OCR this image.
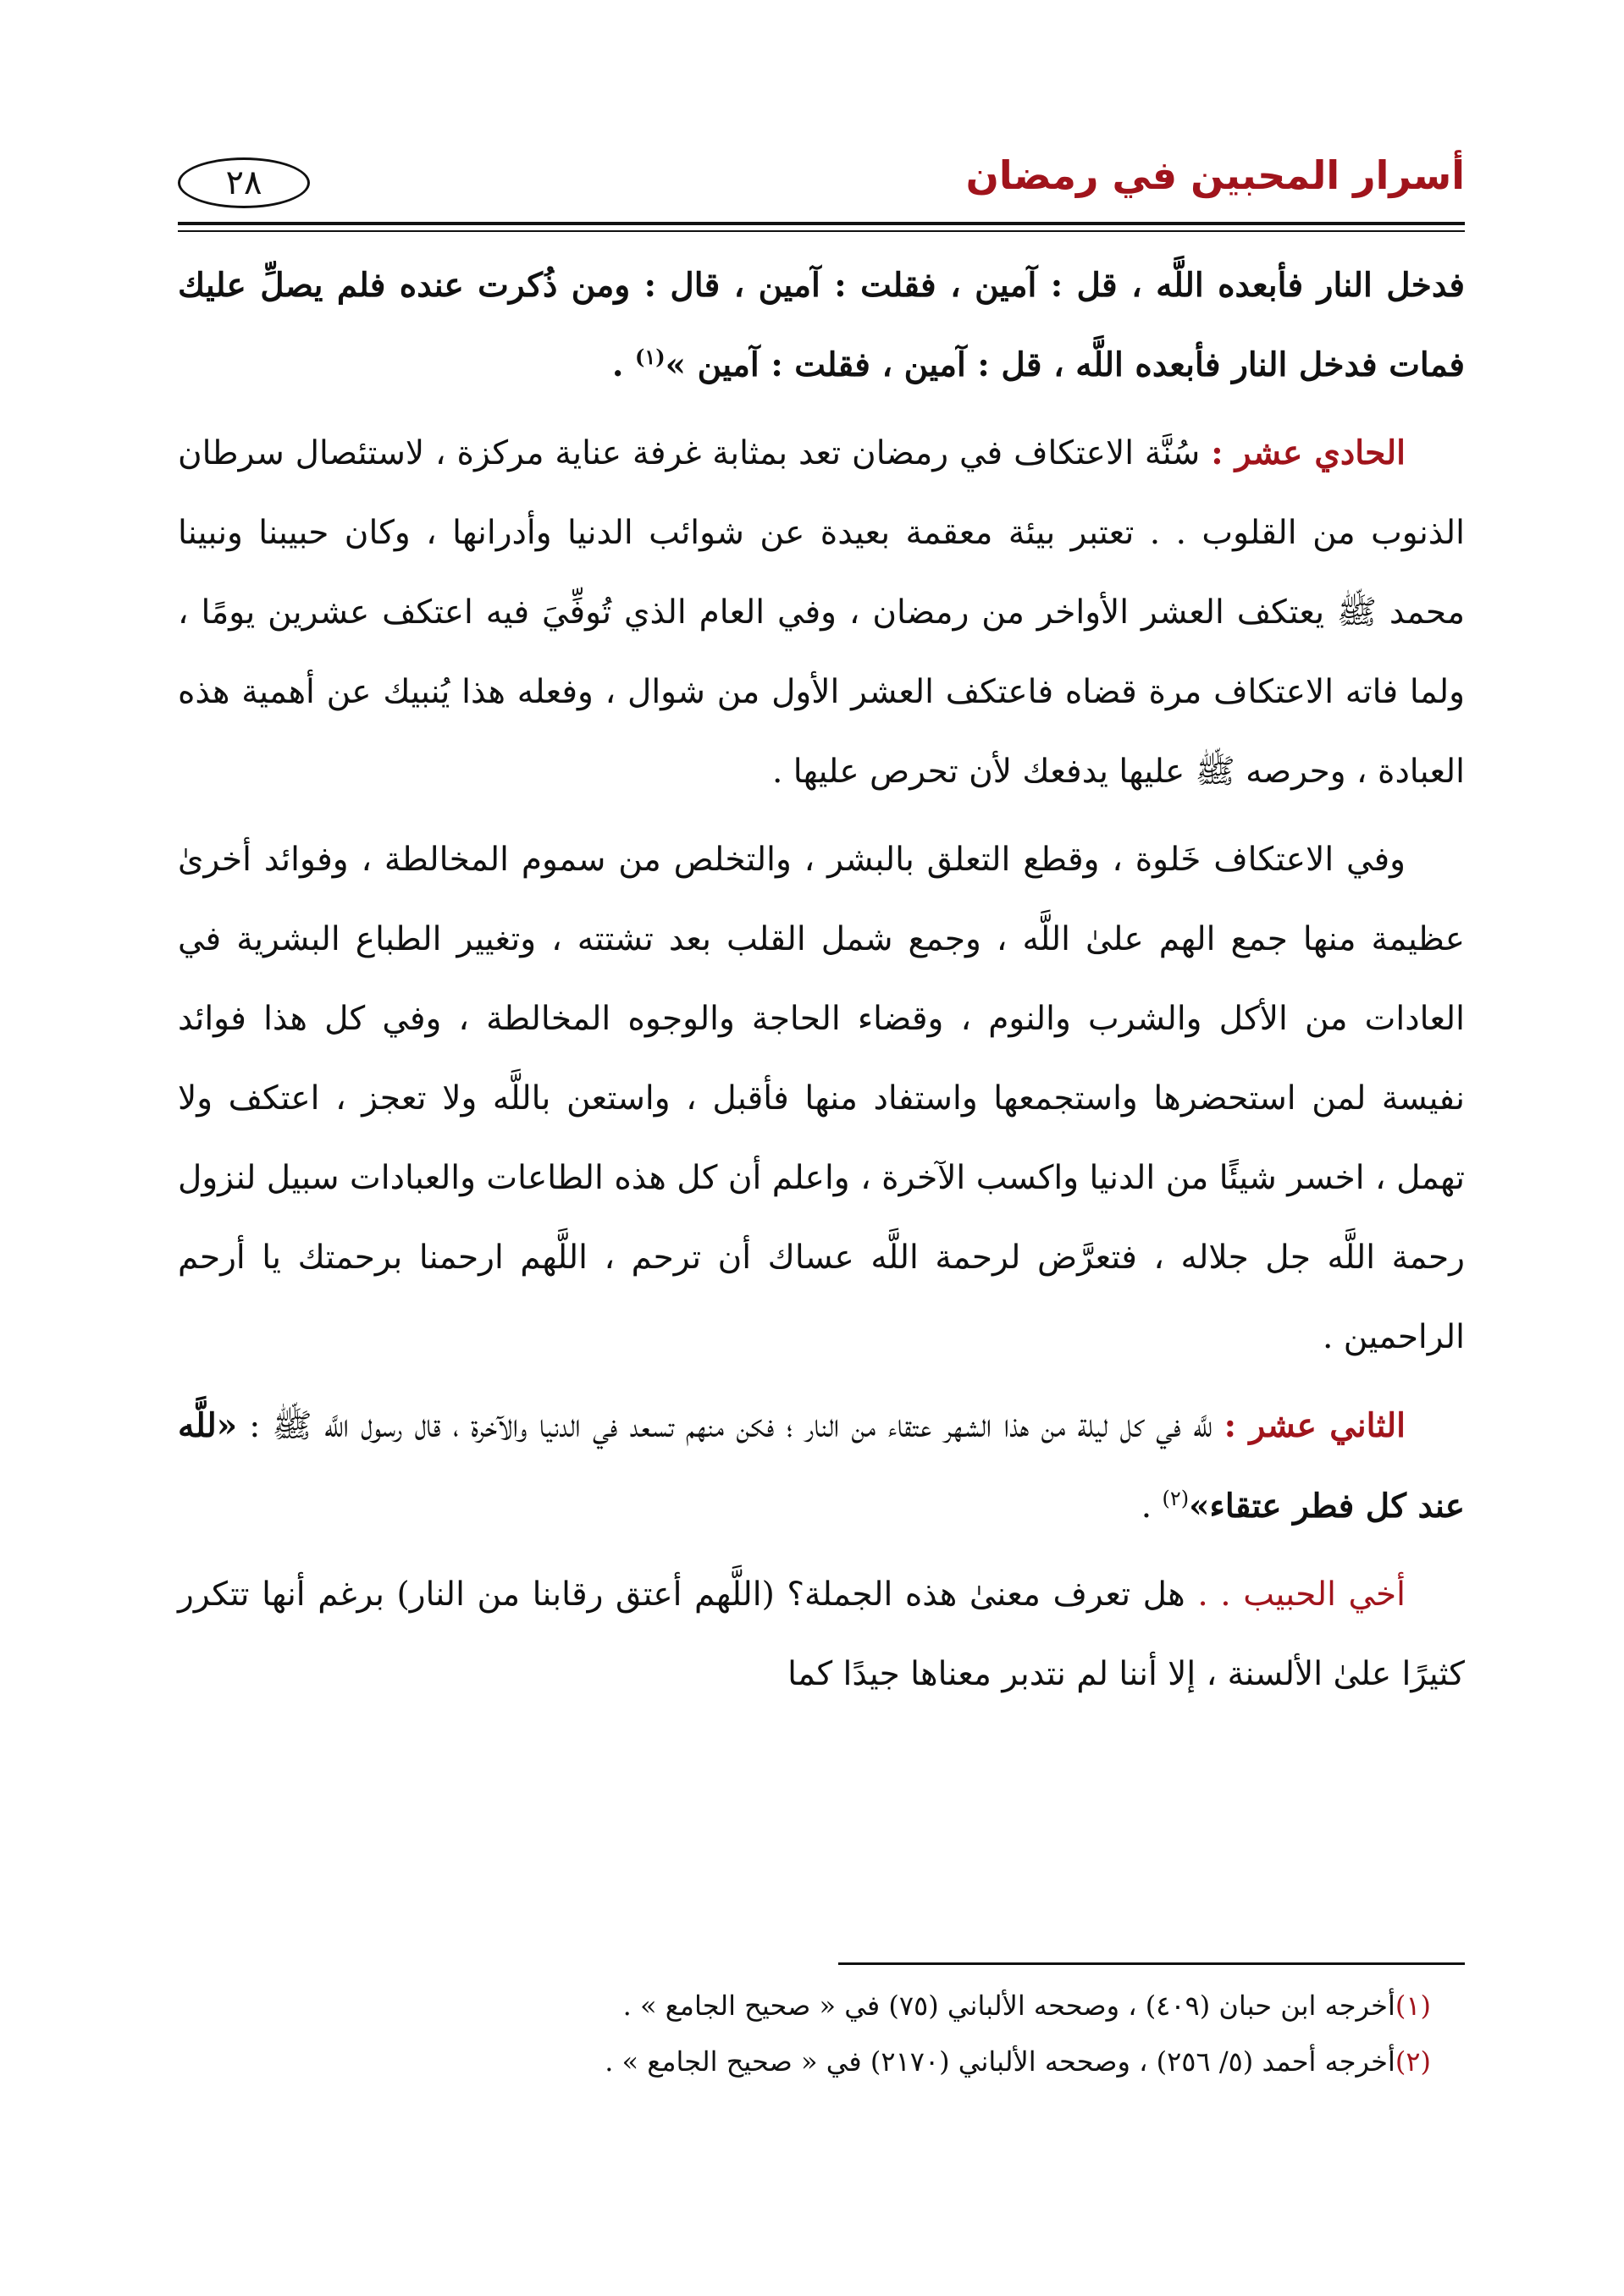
أسرار المحبين في رمضان
٢٨

فدخل النار فأبعده اللَّه ، قل : آمين ، فقلت : آمين ، قال : ومن ذُكرت عنده فلم يصلِّ عليك فمات فدخل النار فأبعده اللَّه ، قل : آمين ، فقلت : آمين »$^{(١)}$ .

الحادي عشر : سُنَّة الاعتكاف في رمضان تعد بمثابة غرفة عناية مركزة ، لاستئصال سرطان الذنوب من القلوب . . تعتبر بيئة معقمة بعيدة عن شوائب الدنيا وأدرانها ، وكان حبيبنا ونبينا محمد ﷺ يعتكف العشر الأواخر من رمضان ، وفي العام الذي تُوفِّيَ فيه اعتكف عشرين يومًا ، ولما فاته الاعتكاف مرة قضاه فاعتكف العشر الأول من شوال ، وفعله هذا يُنبيك عن أهمية هذه العبادة ، وحرصه ﷺ عليها يدفعك لأن تحرص عليها .

وفي الاعتكاف خَلوة ، وقطع التعلق بالبشر ، والتخلص من سموم المخالطة ، وفوائد أخرىٰ عظيمة منها جمع الهم علىٰ اللَّه ، وجمع شمل القلب بعد تشتته ، وتغيير الطباع البشرية في العادات من الأكل والشرب والنوم ، وقضاء الحاجة والوجوه المخالطة ، وفي كل هذا فوائد نفيسة لمن استحضرها واستجمعها واستفاد منها فأقبل ، واستعن باللَّه ولا تعجز ، اعتكف ولا تهمل ، اخسر شيئًا من الدنيا واكسب الآخرة ، واعلم أن كل هذه الطاعات والعبادات سبيل لنزول رحمة اللَّه جل جلاله ، فتعرَّض لرحمة اللَّه عساك أن ترحم ، اللَّهم ارحمنا برحمتك يا أرحم الراحمين .

الثاني عشر : للَّه في كل ليلة من هذا الشهر عتقاء من النار ؛ فكن منهم تسعد في الدنيا والآخرة ، قال رسول اللَّه ﷺ : «للَّه عند كل فطر عتقاء»$^{(٢)}$ .

أخي الحبيب . . هل تعرف معنىٰ هذه الجملة؟ (اللَّهم أعتق رقابنا من النار) برغم أنها تتكرر كثيرًا علىٰ الألسنة ، إلا أننا لم نتدبر معناها جيدًا كما

(١)أخرجه ابن حبان (٤٠٩) ، وصححه الألباني (٧٥) في « صحيح الجامع » .
(٢)أخرجه أحمد (٥/ ٢٥٦) ، وصححه الألباني (٢١٧٠) في « صحيح الجامع » .
